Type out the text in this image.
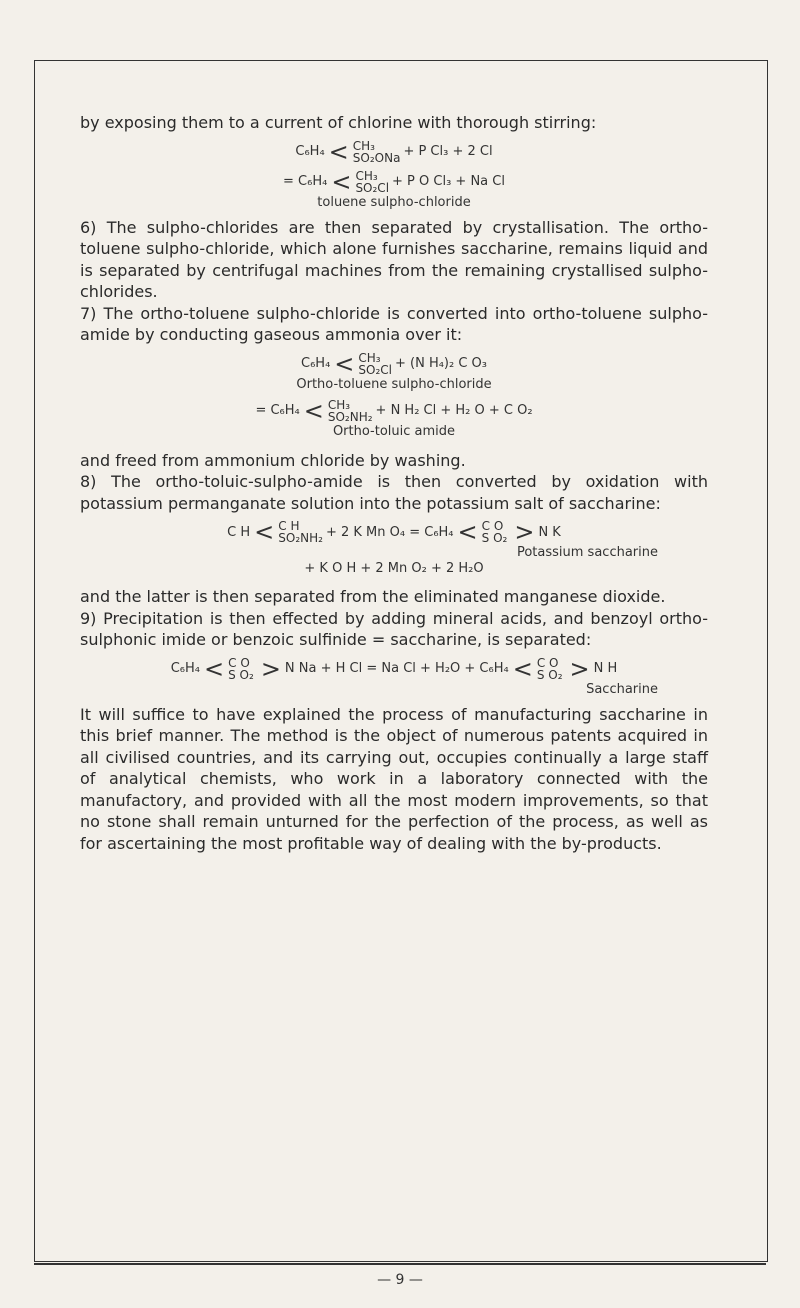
by exposing them to a current of chlorine with thorough stirring:

C₆H₄ < CH₃
SO₂ONa + P Cl₃ + 2 Cl
= C₆H₄ < CH₃
SO₂Cl + P O Cl₃ + Na Cl
toluene sulpho-chloride

6) The sulpho-chlorides are then separated by crystallisation. The ortho-toluene sulpho-chloride, which alone furnishes saccharine, remains liquid and is separated by centrifugal machines from the remaining crystallised sulpho-chlorides.

7) The ortho-toluene sulpho-chloride is converted into ortho-toluene sulpho-amide by conducting gaseous ammonia over it:

C₆H₄ < CH₃
SO₂Cl + (N H₄)₂ C O₃
Ortho-toluene sulpho-chloride
= C₆H₄ < CH₃
SO₂NH₂ + N H₂ Cl + H₂ O + C O₂
Ortho-toluic amide

and freed from ammonium chloride by washing.

8) The ortho-toluic-sulpho-amide is then converted by oxidation with potassium permanganate solution into the potassium salt of saccharine:

C H < C H
SO₂NH₂ + 2 K Mn O₄ = C₆H₄ < C O
S O₂ > N K
Potassium saccharine
+ K O H + 2 Mn O₂ + 2 H₂O

and the latter is then separated from the eliminated manganese dioxide.

9) Precipitation is then effected by adding mineral acids, and benzoyl ortho-sulphonic imide or benzoic sulfinide = saccharine, is separated:

C₆H₄ < C O
S O₂ > N Na + H Cl = Na Cl + H₂O + C₆H₄ < C O
S O₂ > N H
Saccharine

It will suffice to have explained the process of manufacturing saccharine in this brief manner. The method is the object of numerous patents acquired in all civilised countries, and its carrying out, occupies continually a large staff of analytical chemists, who work in a laboratory connected with the manufactory, and provided with all the most modern improvements, so that no stone shall remain unturned for the perfection of the process, as well as for ascertaining the most profitable way of dealing with the by-products.

— 9 —
